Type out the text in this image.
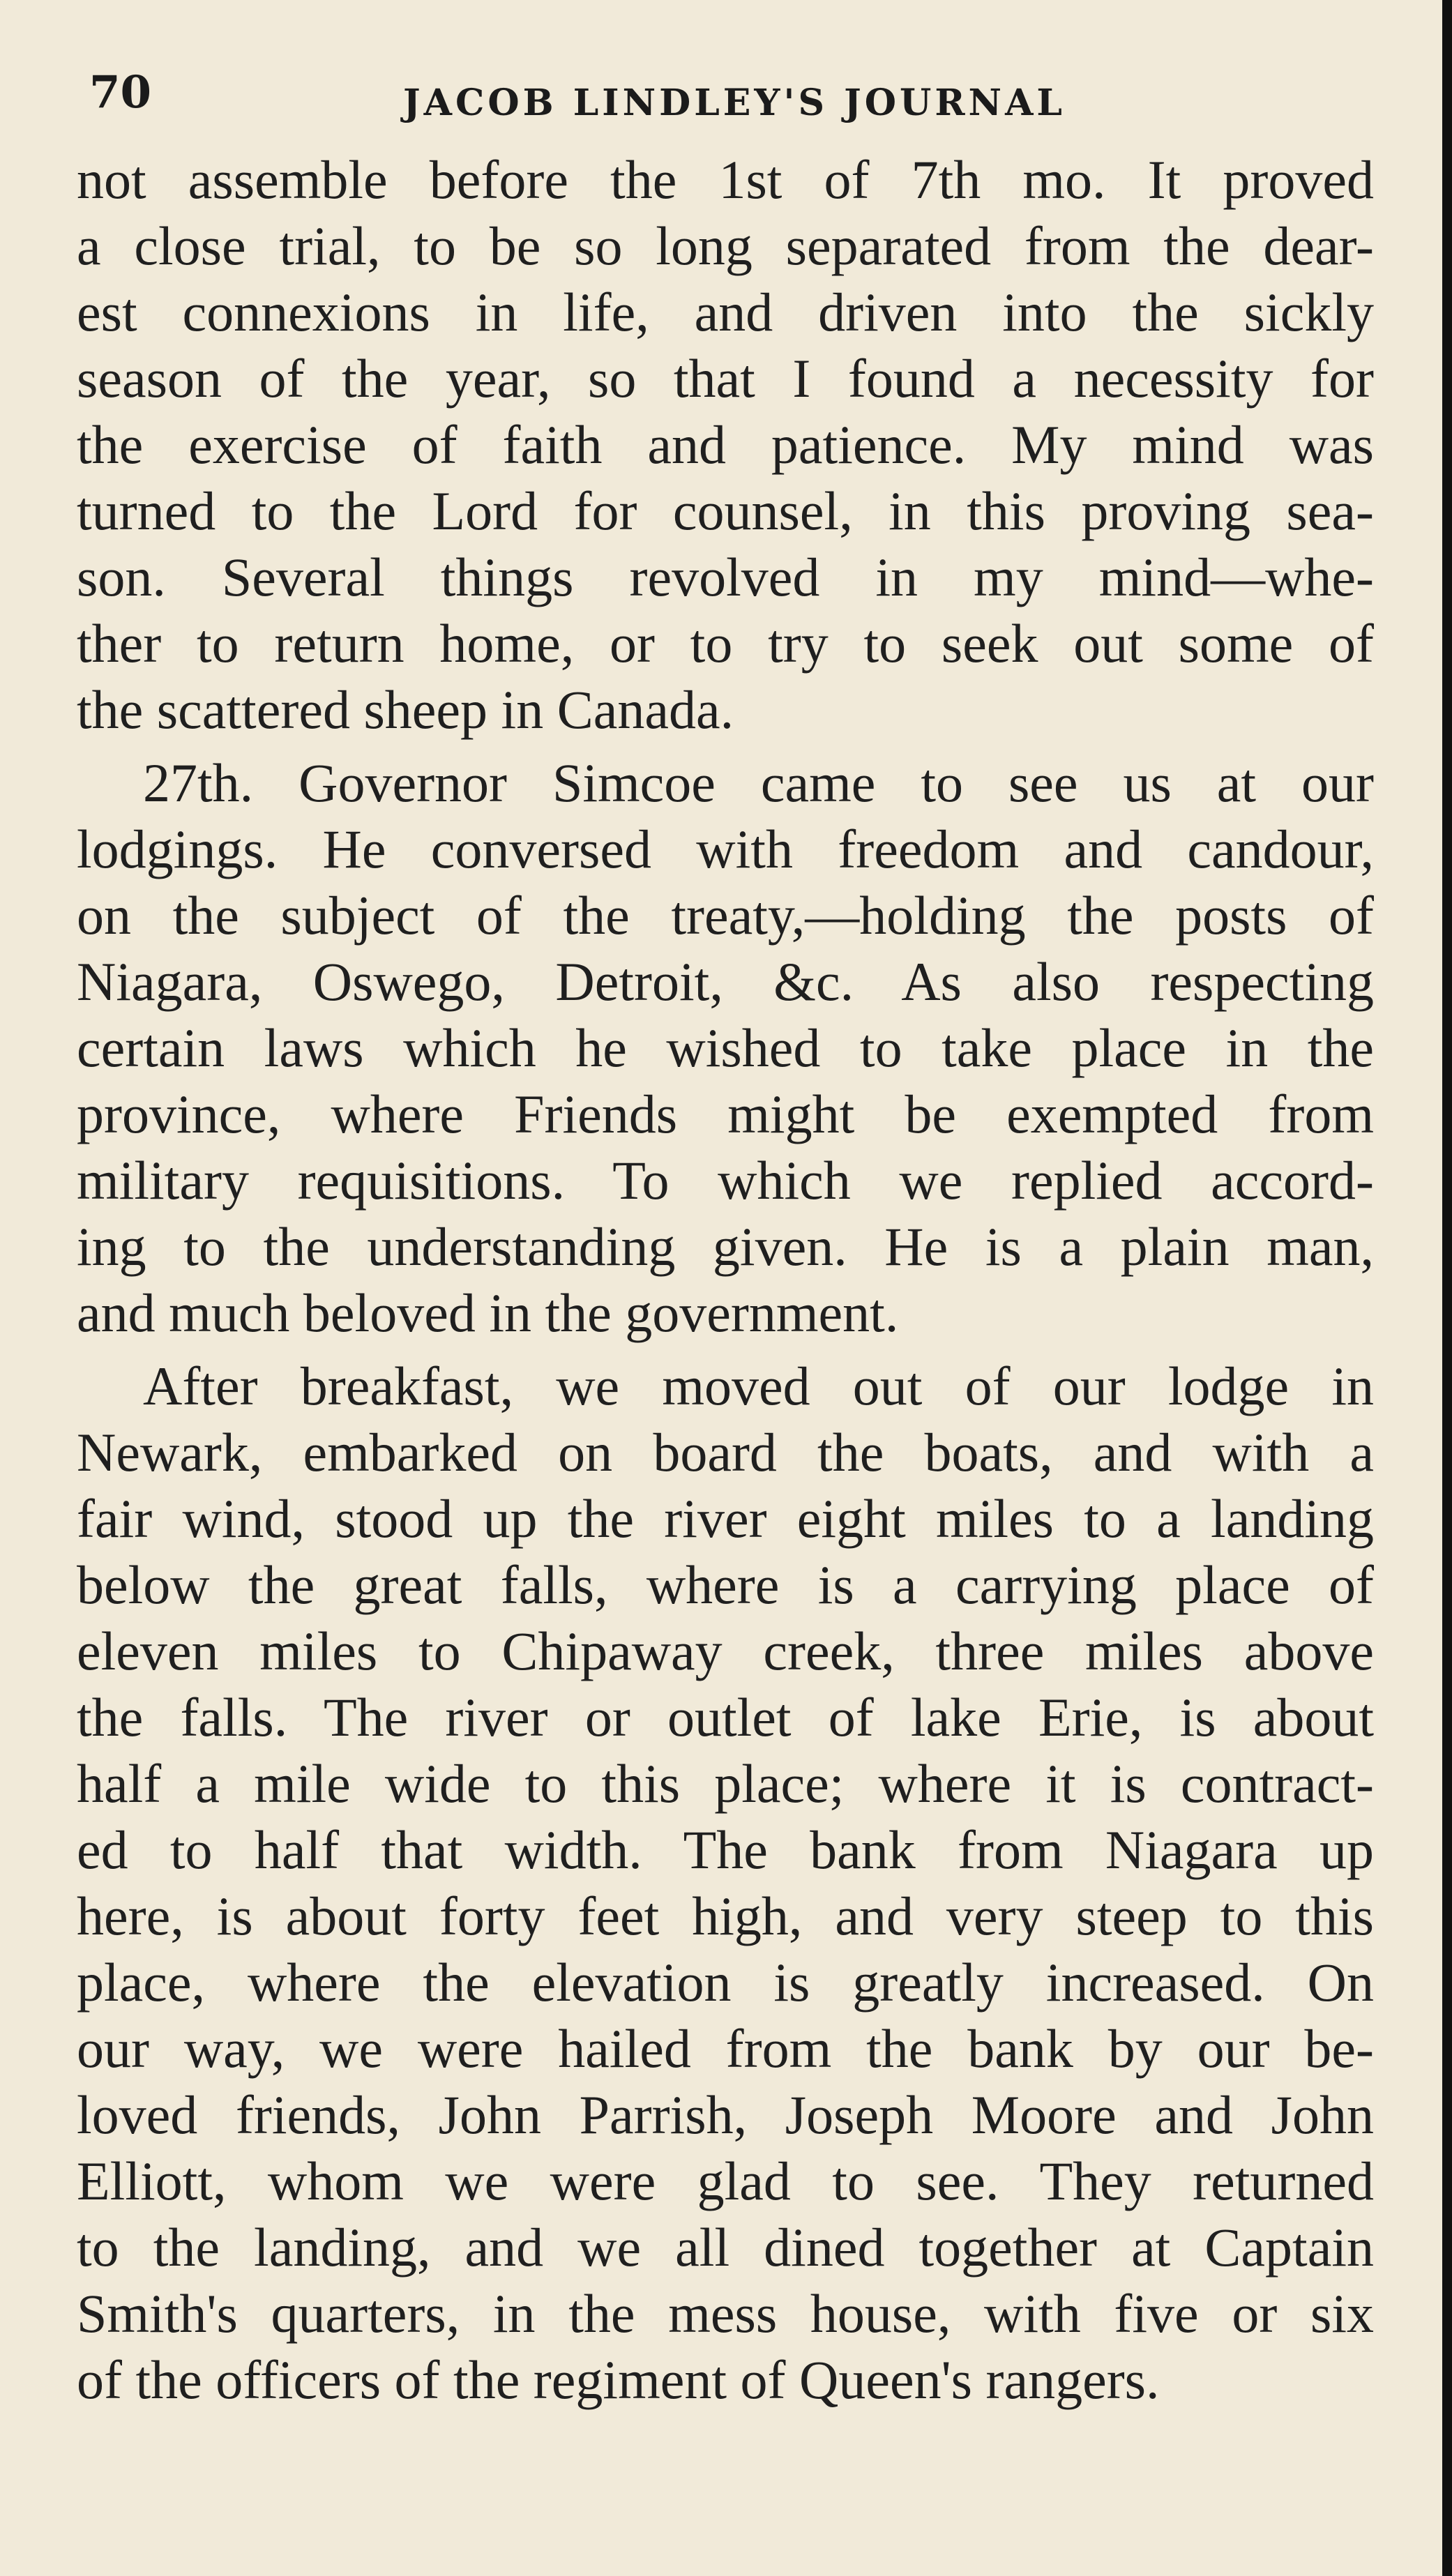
70	JACOB LINDLEY'S JOURNAL
not assemble before the 1st of 7th mo. It proved
a close trial, to be so long separated from the dear-
est connexions in life, and driven into the sickly
season of the year, so that I found a necessity for
the exercise of faith and patience. My mind was
turned to the Lord for counsel, in this proving sea-
son. Several things revolved in my mind—whe-
ther to return home, or to try to seek out some of
the scattered sheep in Canada.
27th. Governor Simcoe came to see us at our
lodgings. He conversed with freedom and candour,
on the subject of the treaty,—holding the posts of
Niagara, Oswego, Detroit, &c. As also respecting
certain laws which he wished to take place in the
province, where Friends might be exempted from
military requisitions. To which we replied accord-
ing to the understanding given. He is a plain man,
and much beloved in the government.
After breakfast, we moved out of our lodge in
Newark, embarked on board the boats, and with a
fair wind, stood up the river eight miles to a landing
below the great falls, where is a carrying place of
eleven miles to Chipaway creek, three miles above
the falls. The river or outlet of lake Erie, is about
half a mile wide to this place; where it is contract-
ed to half that width. The bank from Niagara up
here, is about forty feet high, and very steep to this
place, where the elevation is greatly increased. On
our way, we were hailed from the bank by our be-
loved friends, John Parrish, Joseph Moore and John
Elliott, whom we were glad to see. They returned
to the landing, and we all dined together at Captain
Smith's quarters, in the mess house, with five or six
of the officers of the regiment of Queen's rangers.
